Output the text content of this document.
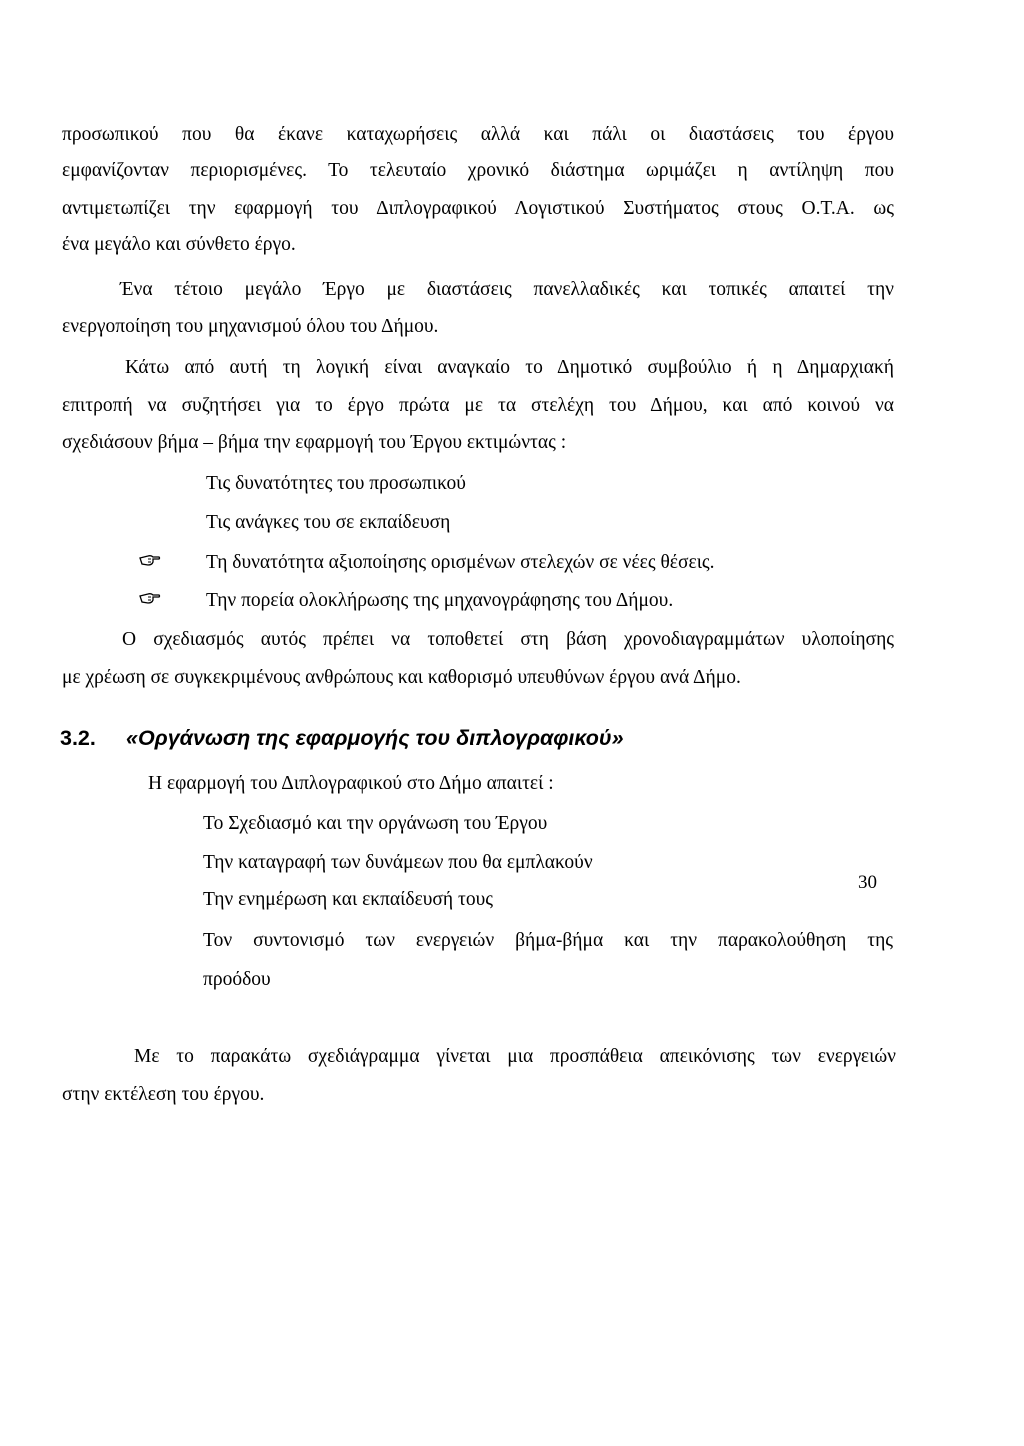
προσωπικού που θα έκανε καταχωρήσεις αλλά και πάλι οι διαστάσεις του έργου
εμφανίζονταν περιορισμένες. Το τελευταίο χρονικό διάστημα ωριμάζει η αντίληψη που
αντιμετωπίζει την εφαρμογή του Διπλογραφικού Λογιστικού Συστήματος στους Ο.Τ.Α. ως
ένα μεγάλο και σύνθετο έργο.
Ένα τέτοιο μεγάλο Έργο με διαστάσεις πανελλαδικές και τοπικές απαιτεί την
ενεργοποίηση του μηχανισμού όλου του Δήμου.
Κάτω από αυτή τη λογική είναι αναγκαίο το Δημοτικό συμβούλιο ή η Δημαρχιακή
επιτροπή να συζητήσει για το έργο πρώτα με τα στελέχη του Δήμου, και από κοινού να
σχεδιάσουν βήμα – βήμα την εφαρμογή του Έργου εκτιμώντας :
Τις δυνατότητες του προσωπικού
Τις ανάγκες του σε εκπαίδευση
Τη δυνατότητα αξιοποίησης ορισμένων στελεχών σε νέες θέσεις.
Την πορεία ολοκλήρωσης της μηχανογράφησης του Δήμου.
Ο σχεδιασμός αυτός πρέπει να τοποθετεί στη βάση χρονοδιαγραμμάτων υλοποίησης
με χρέωση σε συγκεκριμένους ανθρώπους και καθορισμό υπευθύνων έργου ανά Δήμο.
3.2. «Οργάνωση της εφαρμογής του διπλογραφικού»
Η εφαρμογή του Διπλογραφικού στο Δήμο απαιτεί :
Το Σχεδιασμό και την οργάνωση του Έργου
Την καταγραφή των δυνάμεων που θα εμπλακούν
Την ενημέρωση και εκπαίδευσή τους
Τον συντονισμό των ενεργειών βήμα-βήμα και την παρακολούθηση της
προόδου
Με το παρακάτω σχεδιάγραμμα γίνεται μια προσπάθεια απεικόνισης των ενεργειών
στην εκτέλεση του έργου.
30
